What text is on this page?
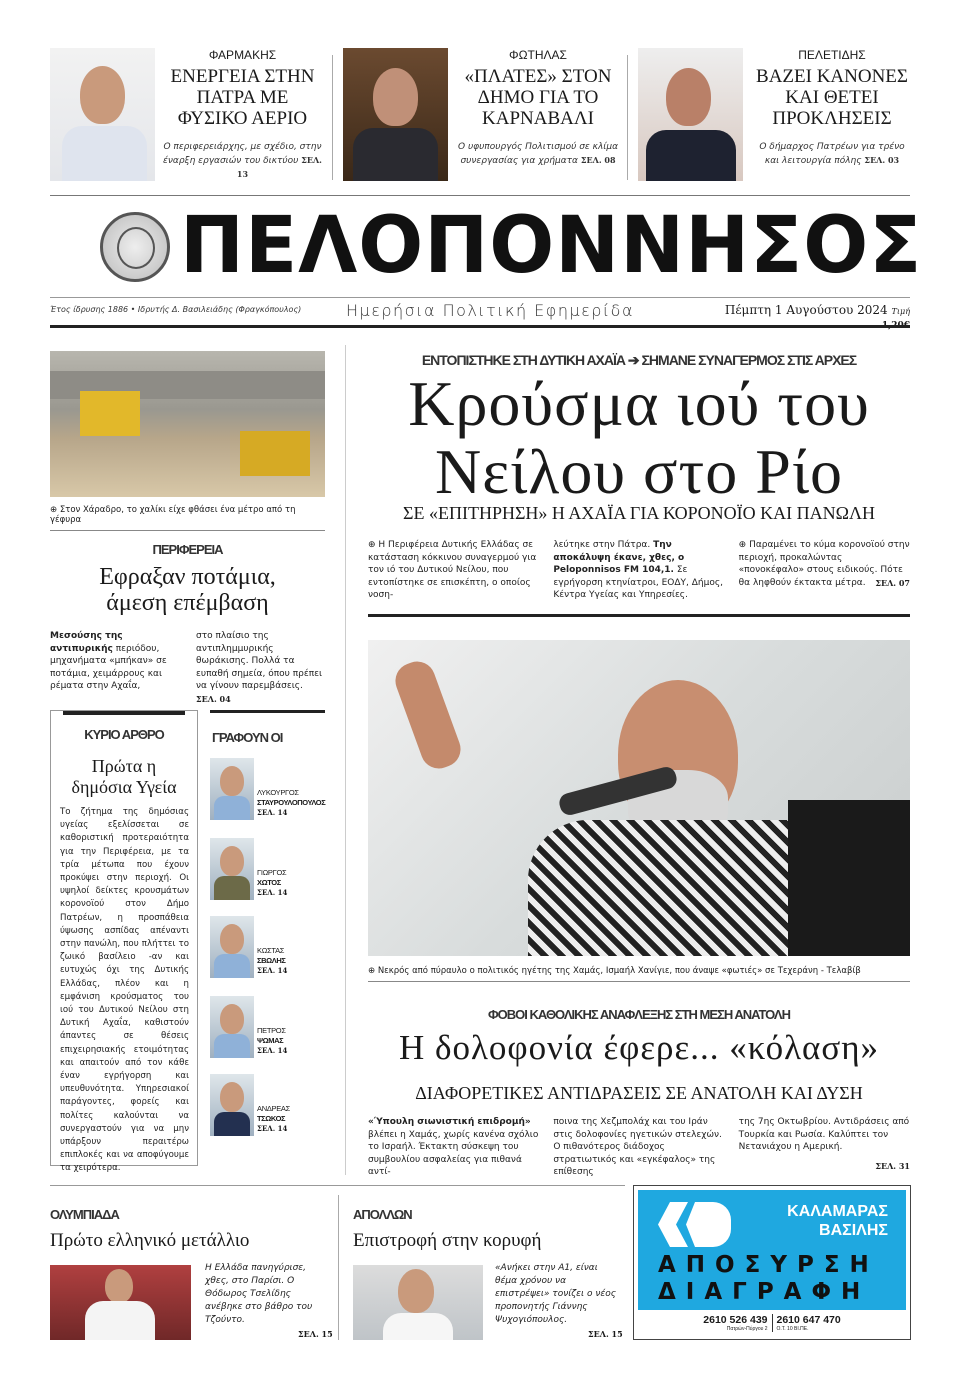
ΦΑΡΜΑΚΗΣ
ΕΝΕΡΓΕΙΑ ΣΤΗΝ ΠΑΤΡΑ ΜΕ ΦΥΣΙΚΟ ΑΕΡΙΟ
Ο περιφερειάρχης, με σχέδιο, στην έναρξη εργασιών του δικτύου ΣΕΛ. 13
ΦΩΤΗΛΑΣ
«ΠΛΑΤΕΣ» ΣΤΟΝ ΔΗΜΟ ΓΙΑ ΤΟ ΚΑΡΝΑΒΑΛΙ
Ο υφυπουργός Πολιτισμού σε κλίμα συνεργασίας για χρήματα ΣΕΛ. 08
ΠΕΛΕΤΙΔΗΣ
ΒΑΖΕΙ ΚΑΝΟΝΕΣ ΚΑΙ ΘΕΤΕΙ ΠΡΟΚΛΗΣΕΙΣ
Ο δήμαρχος Πατρέων για τρένο και λειτουργία πόλης ΣΕΛ. 03
ΠΕΛΟΠΟΝΝΗΣΟΣ
Έτος ίδρυσης 1886 • Ιδρυτής Δ. Βασιλειάδης (Φραγκόπουλος)	Ημερήσια Πολιτική Εφημερίδα	Πέμπτη 1 Αυγούστου 2024 Τιμή
⊕ Στον Χάραδρο, το χαλίκι είχε φθάσει ένα μέτρο από τη γέφυρα
ΠΕΡΙΦΕΡΕΙΑ
Εφραξαν ποτάμια, άμεση επέμβαση
Μεσούσης της αντιπυρικής περιόδου, μηχανήματα «μπήκαν» σε ποτάμια, χειμάρρους και ρέματα στην Αχαΐα,
στο πλαίσιο της αντιπλημμυρικής θωράκισης. Πολλά τα ευπαθή σημεία, όπου πρέπει να γίνουν παρεμβάσεις. ΣΕΛ. 04
ΚΥΡΙΟ ΑΡΘΡΟ
Πρώτα η δημόσια Υγεία
Το ζήτημα της δημόσιας υγείας εξελίσσεται σε καθοριστική προτεραιότητα για την Περιφέρεια, με τα τρία μέτωπα που έχουν προκύψει στην περιοχή. Οι υψηλοί δείκτες κρουσμάτων κορονοϊού στον Δήμο Πατρέων, η προσπάθεια ύψωσης ασπίδας απέναντι στην πανώλη, που πλήττει το ζωικό βασίλειο -αν και ευτυχώς όχι της Δυτικής Ελλάδας, πλέον και η εμφάνιση κρούσματος του ιού του Δυτικού Νείλου στη Δυτική Αχαΐα, καθιστούν άπαντες σε θέσεις επιχειρησιακής ετοιμότητας και απαιτούν από τον κάθε έναν εγρήγορση και υπευθυνότητα. Υπηρεσιακοί παράγοντες, φορείς και πολίτες καλούνται να συνεργαστούν για να μην υπάρξουν περαιτέρω επιπλοκές και να αποφύγουμε τα χειρότερα.
ΓΡΑΦΟΥΝ ΟΙ
ΛΥΚΟΥΡΓΟΣ
ΣΤΑΥΡΟΥΛΟΠΟΥΛΟΣ
ΣΕΛ. 14
ΓΙΩΡΓΟΣ
ΧΩΤΟΣ
ΣΕΛ. 14
ΚΩΣΤΑΣ
ΣΒΩΛΗΣ
ΣΕΛ. 14
ΠΕΤΡΟΣ
ΨΩΜΑΣ
ΣΕΛ. 14
ΑΝΔΡΕΑΣ
ΤΣΩΚΟΣ
ΣΕΛ. 14
ΕΝΤΟΠΙΣΤΗΚΕ ΣΤΗ ΔΥΤΙΚΗ ΑΧΑΪΑ ➔ ΣΗΜΑΝΕ ΣΥΝΑΓΕΡΜΟΣ ΣΤΙΣ ΑΡΧΕΣ
Κρούσμα ιού του
Νείλου στο Ρίο
ΣΕ «ΕΠΙΤΗΡΗΣΗ» Η ΑΧΑΪΑ ΓΙΑ ΚΟΡΟΝΟΪΟ ΚΑΙ ΠΑΝΩΛΗ
⊕ Η Περιφέρεια Δυτικής Ελλάδας σε κατάσταση κόκκινου συναγερμού για τον ιό του Δυτικού Νείλου, που εντοπίστηκε σε επισκέπτη, ο οποίος νοση-
λεύτηκε στην Πάτρα. Την αποκάλυψη έκανε, χθες, ο Peloponnisos FM 104,1. Σε εγρήγορση κτηνίατροι, ΕΟΔΥ, Δήμος, Κέντρα Υγείας και Υπηρεσίες.
⊕ Παραμένει το κύμα κορονοϊού στην περιοχή, προκαλώντας «πονοκέφαλο» στους ειδικούς. Πότε θα ληφθούν έκτακτα μέτρα. ΣΕΛ. 07
⊕ Νεκρός από πύραυλο ο πολιτικός ηγέτης της Χαμάς, Ισμαήλ Χανίγιε, που άναψε «φωτιές» σε Τεχεράνη - Τελαβίβ
ΦΟΒΟΙ ΚΑΘΟΛΙΚΗΣ ΑΝΑΦΛΕΞΗΣ ΣΤΗ ΜΕΣΗ ΑΝΑΤΟΛΗ
Η δολοφονία έφερε... «κόλαση»
ΔΙΑΦΟΡΕΤΙΚΕΣ ΑΝΤΙΔΡΑΣΕΙΣ ΣΕ ΑΝΑΤΟΛΗ ΚΑΙ ΔΥΣΗ
«Ύπουλη σιωνιστική επιδρομή» βλέπει η Χαμάς, χωρίς κανένα σχόλιο το Ισραήλ. Έκτακτη σύσκεψη του συμβουλίου ασφαλείας για πιθανά αντί-
ποινα της Χεζμπολάχ και του Ιράν στις δολοφονίες ηγετικών στελεχών. Ο πιθανότερος διάδοχος στρατιωτικός και «εγκέφαλος» της επίθεσης
της 7ης Οκτωβρίου. Αντιδράσεις από Τουρκία και Ρωσία. Καλύπτει τον Νετανιάχου η Αμερική.
ΣΕΛ. 31
ΟΛΥΜΠΙΑΔΑ
Πρώτο ελληνικό μετάλλιο
Η Ελλάδα πανηγύρισε, χθες, στο Παρίσι. Ο Θόδωρος Τσελίδης ανέβηκε στο βάθρο του Τζούντο.
ΣΕΛ. 15
ΑΠΟΛΛΩΝ
Επιστροφή στην κορυφή
«Ανήκει στην Α1, είναι θέμα χρόνου να επιστρέψει» τονίζει ο νέος προπονητής Γιάννης Ψυχογιόπουλος.
ΣΕΛ. 15
ΚΑΛΑΜΑΡΑΣ
ΒΑΣΙΛΗΣ
ΑΠΟΣΥΡΣΗ
ΔΙΑΓΡΑΦΗ
2610 526 439
Πατρών-Πύργου 2
2610 647 470
Ο.Τ. 10 ΒΙ.ΠΕ.
